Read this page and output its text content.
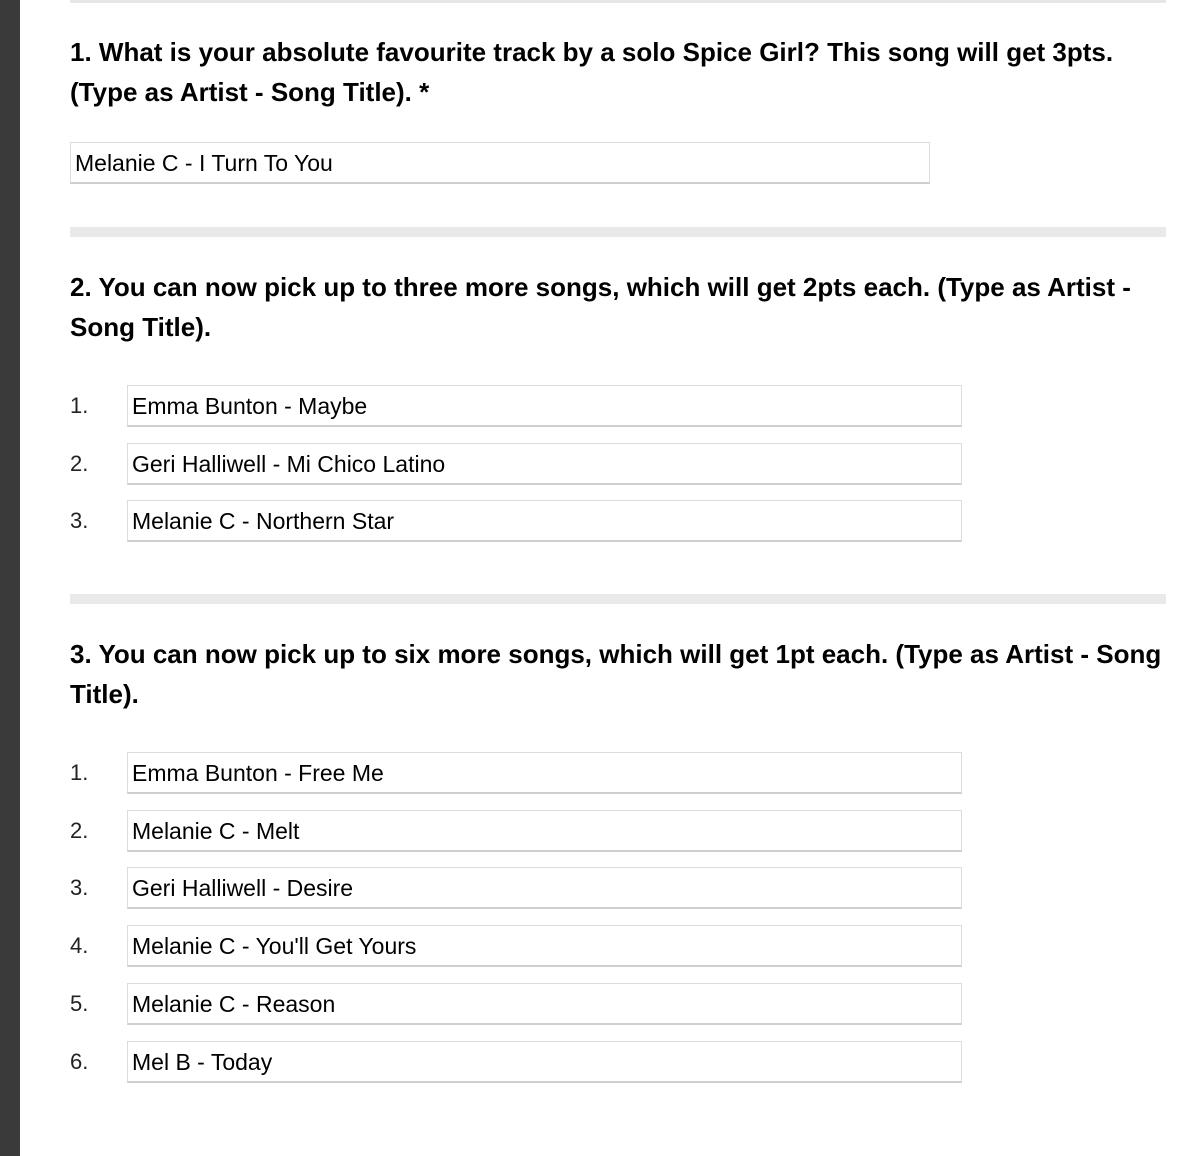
1. What is your absolute favourite track by a solo Spice Girl? This song will get 3pts. (Type as Artist - Song Title). *

Melanie C - I Turn To You

2. You can now pick up to three more songs, which will get 2pts each. (Type as Artist - Song Title).

1. Emma Bunton - Maybe
2. Geri Halliwell - Mi Chico Latino
3. Melanie C - Northern Star

3. You can now pick up to six more songs, which will get 1pt each. (Type as Artist - Song Title).

1. Emma Bunton - Free Me
2. Melanie C - Melt
3. Geri Halliwell - Desire
4. Melanie C - You'll Get Yours
5. Melanie C - Reason
6. Mel B - Today
